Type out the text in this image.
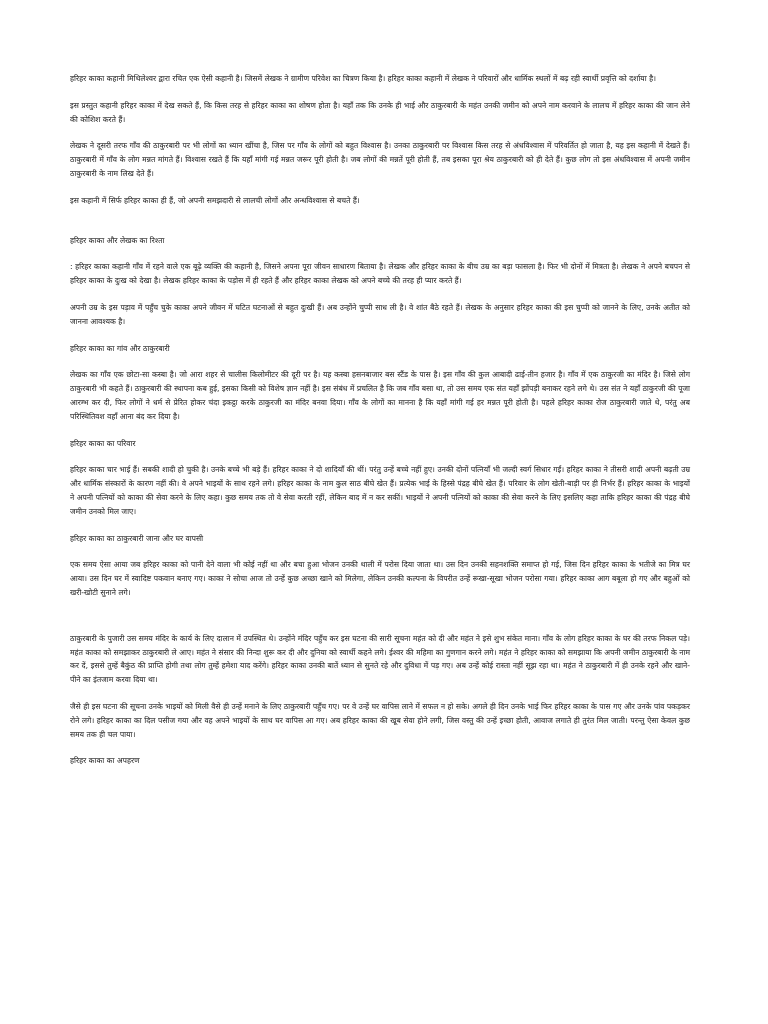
हरिहर काका कहानी मिथिलेश्वर द्वारा रचित एक ऐसी कहानी है। जिसमें लेखक ने ग्रामीण परिवेश का चित्रण किया है। हरिहर काका कहानी में लेखक ने परिवारों और धार्मिक स्थलों में बढ़ रही स्वार्थी प्रवृत्ति को दर्शाया है।

इस प्रस्तुत कहानी हरिहर काका में देख सकते हैं, कि किस तरह से हरिहर काका का शोषण होता है। यहाँ तक कि उनके ही भाई और ठाकुरबारी के महंत उनकी जमीन को अपने नाम करवाने के लालच में हरिहर काका की जान लेने की कोशिश करते हैं।

लेखक ने दूसरी तरफ गाँव की ठाकुरबारी पर भी लोगों का ध्यान खींचा है, जिस पर गाँव के लोगों को बहुत विश्वास है। उनका ठाकुरबारी पर विश्वास किस तरह से अंधविश्वास में परिवर्तित हो जाता है, यह इस कहानी में देखते हैं। ठाकुरबारी में गाँव के लोग मन्नत मांगते हैं। विश्वास रखते हैं कि यहाँ मांगी गई मन्नत जरूर पूरी होती है। जब लोगों की मन्नतें पूरी होती हैं, तब इसका पूरा श्रेय ठाकुरबारी को ही देते हैं। कुछ लोग तो इस अंधविश्वास में अपनी जमीन ठाकुरबारी के नाम लिख देते हैं।

इस कहानी में सिर्फ हरिहर काका ही हैं, जो अपनी समझदारी से लालची लोगों और अन्धविश्वास से बचते हैं।

हरिहर काका और लेखक का रिश्ता

: हरिहर काका कहानी गाँव में रहने वाले एक बूढ़े व्यक्ति की कहानी है, जिसने अपना पूरा जीवन साधारण बिताया है। लेखक और हरिहर काका के बीच उम्र का बड़ा फासला है। फिर भी दोनों में मित्रता है। लेखक ने अपने बचपन से हरिहर काका के दुःख को देखा है। लेखक हरिहर काका के पड़ोस में ही रहते हैं और हरिहर काका लेखक को अपने बच्चे की तरह ही प्यार करते हैं।

अपनी उम्र के इस पड़ाव में पहुँच चुके काका अपने जीवन में घटित घटनाओं से बहुत दुःखी हैं। अब उन्होंने चुप्पी साध ली है। वे शांत बैठे रहते हैं। लेखक के अनुसार हरिहर काका की इस चुप्पी को जानने के लिए, उनके अतीत को जानना आवश्यक है।

हरिहर काका का गांव और ठाकुरबारी

लेखक का गाँव एक छोटा-सा कस्बा है। जो आरा शहर से चालीस किलोमीटर की दूरी पर है। यह कस्बा हसनबाजार बस स्टैंड के पास है। इस गाँव की कुल आबादी ढाई-तीन हजार है। गाँव में एक ठाकुरजी का मंदिर है। जिसे लोग ठाकुरबारी भी कहते हैं। ठाकुरबारी की स्थापना कब हुई, इसका किसी को विशेष ज्ञान नहीं है। इस संबंध में प्रचलित है कि जब गाँव बसा था, तो उस समय एक संत यहाँ झोंपड़ी बनाकर रहने लगे थे। उस संत ने यहाँ ठाकुरजी की पूजा आरम्भ कर दी, फिर लोगों ने धर्म से प्रेरित होकर चंदा इकट्ठा करके ठाकुरजी का मंदिर बनवा दिया। गाँव के लोगों का मानना है कि यहाँ मांगी गई हर मन्नत पूरी होती है। पहले हरिहर काका रोज ठाकुरबारी जाते थे, परंतु अब परिस्थितिवश वहाँ आना बंद कर दिया है।

हरिहर काका का परिवार

हरिहर काका चार भाई हैं। सबकी शादी हो चुकी है। उनके बच्चे भी बड़े हैं। हरिहर काका ने दो शादियाँ की थीं। परंतु उन्हें बच्चे नहीं हुए। उनकी दोनों पत्नियाँ भी जल्दी स्वर्ग सिधार गईं। हरिहर काका ने तीसरी शादी अपनी बढ़ती उम्र और धार्मिक संस्कारों के कारण नहीं की। वे अपने भाइयों के साथ रहने लगे। हरिहर काका के नाम कुल साठ बीघे खेत हैं। प्रत्येक भाई के हिस्से पंद्रह बीघे खेत हैं। परिवार के लोग खेती-बाड़ी पर ही निर्भर हैं। हरिहर काका के भाइयों ने अपनी पत्नियों को काका की सेवा करने के लिए कहा। कुछ समय तक तो वे सेवा करती रहीं, लेकिन बाद में न कर सकीं। भाइयों ने अपनी पत्नियों को काका की सेवा करने के लिए इसलिए कहा ताकि हरिहर काका की पंद्रह बीघे जमीन उनको मिल जाए।

हरिहर काका का ठाकुरबारी जाना और घर वापसी

एक समय ऐसा आया जब हरिहर काका को पानी देने वाला भी कोई नहीं था और बचा हुआ भोजन उनकी थाली में परोस दिया जाता था। उस दिन उनकी सहनशक्ति समाप्त हो गई, जिस दिन हरिहर काका के भतीजे का मित्र घर आया। उस दिन घर में स्वादिष्ट पकवान बनाए गए। काका ने सोचा आज तो उन्हें कुछ अच्छा खाने को मिलेगा, लेकिन उनकी कल्पना के विपरीत उन्हें रूखा-सूखा भोजन परोसा गया। हरिहर काका आग बबूला हो गए और बहुओं को खरी-खोटी सुनाने लगे।

ठाकुरबारी के पुजारी उस समय मंदिर के कार्य के लिए दालान में उपस्थित थे। उन्होंने मंदिर पहुँच कर इस घटना की सारी सूचना महंत को दी और महंत ने इसे शुभ संकेत माना। गाँव के लोग हरिहर काका के घर की तरफ निकल पड़े। महंत काका को समझाकर ठाकुरबारी ले आए। महंत ने संसार की निन्दा शुरू कर दी और दुनिया को स्वार्थी कहने लगे। ईश्वर की महिमा का गुणगान करने लगे। महंत ने हरिहर काका को समझाया कि अपनी जमीन ठाकुरबारी के नाम कर दें, इससे तुम्हें बैकुंठ की प्राप्ति होगी तथा लोग तुम्हें हमेशा याद करेंगे। हरिहर काका उनकी बातें ध्यान से सुनते रहे और दुविधा में पड़ गए। अब उन्हें कोई रास्ता नहीं सूझ रहा था। महंत ने ठाकुरबारी में ही उनके रहने और खाने-पीने का इंतजाम करवा दिया था।

जैसे ही इस घटना की सूचना उनके भाइयों को मिली वैसे ही उन्हें मनाने के लिए ठाकुरबारी पहुँच गए। पर वे उन्हें घर वापिस लाने में सफल न हो सके। अगले ही दिन उनके भाई फिर हरिहर काका के पास गए और उनके पांव पकड़कर रोने लगे। हरिहर काका का दिल पसीज गया और वह अपने भाइयों के साथ घर वापिस आ गए। अब हरिहर काका की खूब सेवा होने लगी, जिस वस्तु की उन्हें इच्छा होती, आवाज लगाते ही तुरंत मिल जाती। परन्तु ऐसा केवल कुछ समय तक ही चल पाया।

हरिहर काका का अपहरण
